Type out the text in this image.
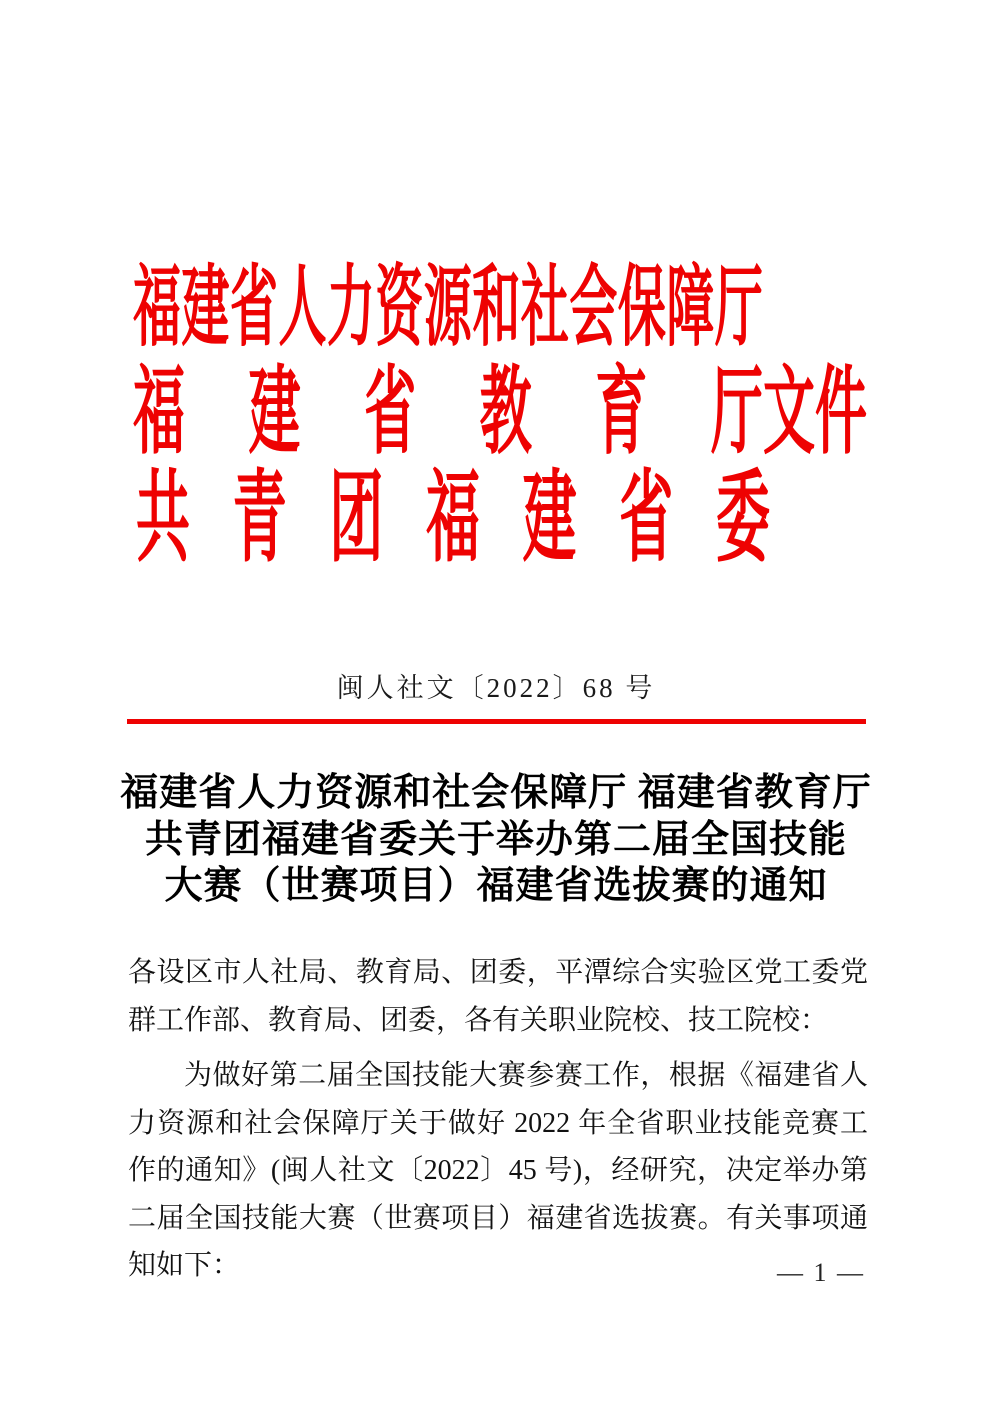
福 建 省 人 力 资 源 和 社 会 保 障 厅
福 建 省 教 育 厅文件
共 青 团 福 建 省 委
闽人社文〔2022〕68 号
福建省人力资源和社会保障厅 福建省教育厅
共青团福建省委关于举办第二届全国技能
大赛（世赛项目）福建省选拔赛的通知

各设区市人社局、教育局、团委，平潭综合实验区党工委党群工作部、教育局、团委，各有关职业院校、技工院校：

为做好第二届全国技能大赛参赛工作，根据《福建省人力资源和社会保障厅关于做好 2022 年全省职业技能竞赛工作的通知》(闽人社文〔2022〕45 号)，经研究，决定举办第二届全国技能大赛（世赛项目）福建省选拔赛。有关事项通知如下：	— 1 —
